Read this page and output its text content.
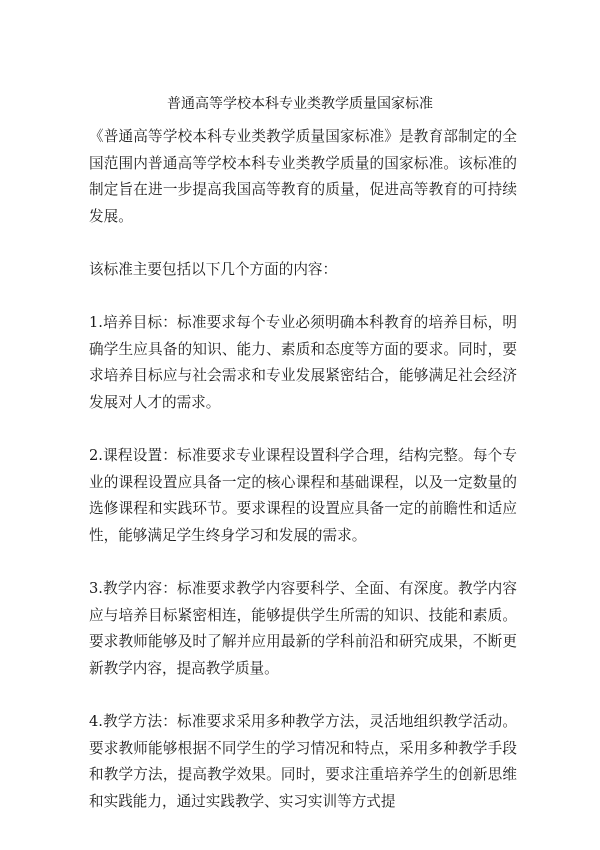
普通高等学校本科专业类教学质量国家标准

《普通高等学校本科专业类教学质量国家标准》是教育部制定的全国范围内普通高等学校本科专业类教学质量的国家标准。该标准的制定旨在进一步提高我国高等教育的质量，促进高等教育的可持续发展。

该标准主要包括以下几个方面的内容：

1.培养目标：标准要求每个专业必须明确本科教育的培养目标，明确学生应具备的知识、能力、素质和态度等方面的要求。同时，要求培养目标应与社会需求和专业发展紧密结合，能够满足社会经济发展对人才的需求。

2.课程设置：标准要求专业课程设置科学合理，结构完整。每个专业的课程设置应具备一定的核心课程和基础课程，以及一定数量的选修课程和实践环节。要求课程的设置应具备一定的前瞻性和适应性，能够满足学生终身学习和发展的需求。

3.教学内容：标准要求教学内容要科学、全面、有深度。教学内容应与培养目标紧密相连，能够提供学生所需的知识、技能和素质。要求教师能够及时了解并应用最新的学科前沿和研究成果，不断更新教学内容，提高教学质量。

4.教学方法：标准要求采用多种教学方法，灵活地组织教学活动。要求教师能够根据不同学生的学习情况和特点，采用多种教学手段和教学方法，提高教学效果。同时，要求注重培养学生的创新思维和实践能力，通过实践教学、实习实训等方式提
